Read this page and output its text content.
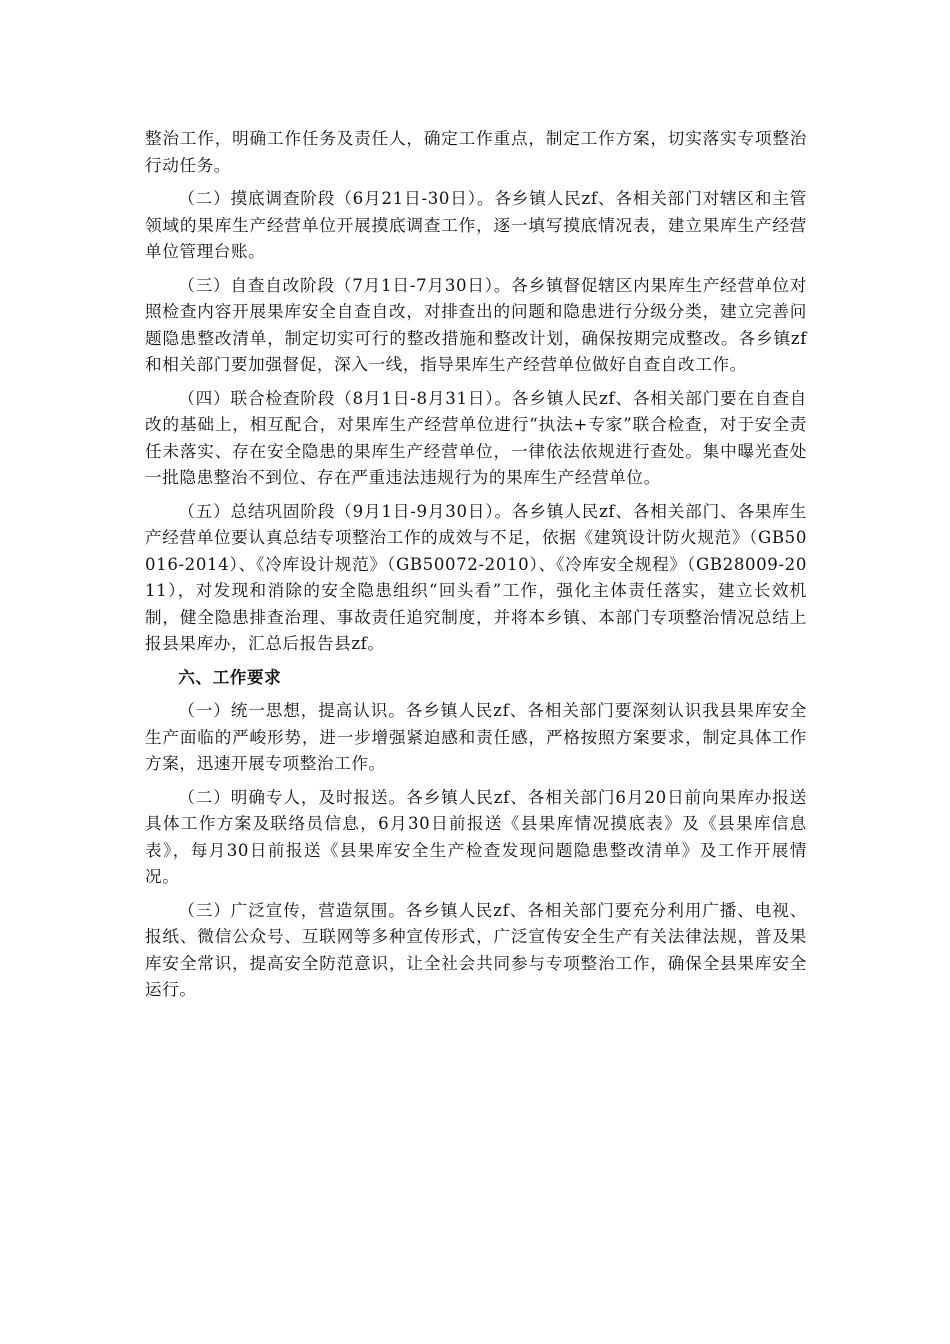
整治工作，明确工作任务及责任人，确定工作重点，制定工作方案，切实落实专项整治行动任务。

（二）摸底调查阶段（6月21日-30日）。各乡镇人民zf、各相关部门对辖区和主管领域的果库生产经营单位开展摸底调查工作，逐一填写摸底情况表，建立果库生产经营单位管理台账。

（三）自查自改阶段（7月1日-7月30日）。各乡镇督促辖区内果库生产经营单位对照检查内容开展果库安全自查自改，对排查出的问题和隐患进行分级分类，建立完善问题隐患整改清单，制定切实可行的整改措施和整改计划，确保按期完成整改。各乡镇zf和相关部门要加强督促，深入一线，指导果库生产经营单位做好自查自改工作。

（四）联合检查阶段（8月1日-8月31日）。各乡镇人民zf、各相关部门要在自查自改的基础上，相互配合，对果库生产经营单位进行“执法+专家”联合检查，对于安全责任未落实、存在安全隐患的果库生产经营单位，一律依法依规进行查处。集中曝光查处一批隐患整治不到位、存在严重违法违规行为的果库生产经营单位。

（五）总结巩固阶段（9月1日-9月30日）。各乡镇人民zf、各相关部门、各果库生产经营单位要认真总结专项整治工作的成效与不足，依据《建筑设计防火规范》（GB50016-2014）、《冷库设计规范》（GB50072-2010）、《冷库安全规程》（GB28009-2011），对发现和消除的安全隐患组织“回头看”工作，强化主体责任落实，建立长效机制，健全隐患排查治理、事故责任追究制度，并将本乡镇、本部门专项整治情况总结上报县果库办，汇总后报告县zf。

六、工作要求

（一）统一思想，提高认识。各乡镇人民zf、各相关部门要深刻认识我县果库安全生产面临的严峻形势，进一步增强紧迫感和责任感，严格按照方案要求，制定具体工作方案，迅速开展专项整治工作。

（二）明确专人，及时报送。各乡镇人民zf、各相关部门6月20日前向果库办报送具体工作方案及联络员信息，6月30日前报送《县果库情况摸底表》及《县果库信息表》，每月30日前报送《县果库安全生产检查发现问题隐患整改清单》及工作开展情况。

（三）广泛宣传，营造氛围。各乡镇人民zf、各相关部门要充分利用广播、电视、报纸、微信公众号、互联网等多种宣传形式，广泛宣传安全生产有关法律法规，普及果库安全常识，提高安全防范意识，让全社会共同参与专项整治工作，确保全县果库安全运行。
